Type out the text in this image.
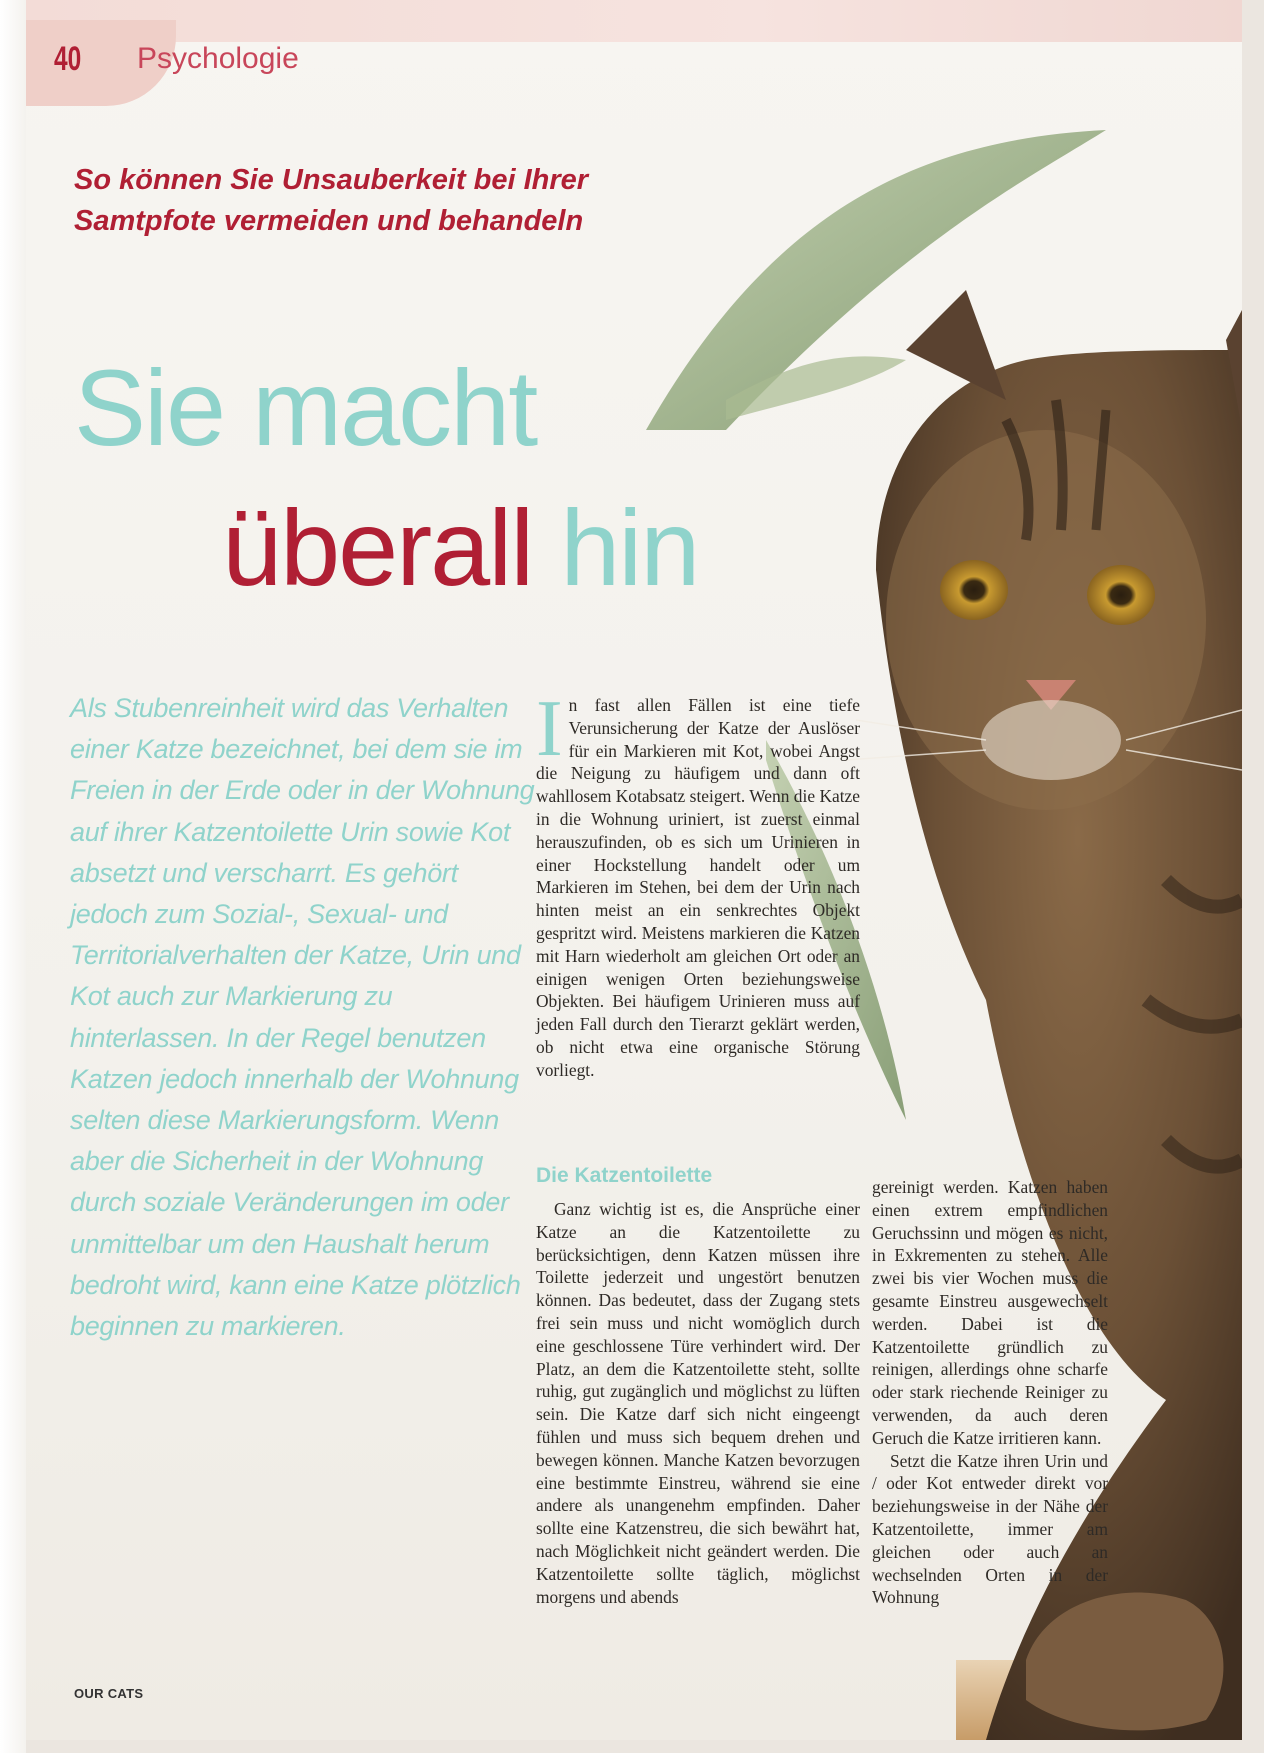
40 Psychologie
So können Sie Unsauberkeit bei Ihrer Samtpfote vermeiden und behandeln
Sie macht
überall hin
Als Stubenreinheit wird das Verhalten einer Katze bezeichnet, bei dem sie im Freien in der Erde oder in der Wohnung auf ihrer Katzentoilette Urin sowie Kot absetzt und verscharrt. Es gehört jedoch zum Sozial-, Sexual- und Territorialverhalten der Katze, Urin und Kot auch zur Markierung zu hinterlassen. In der Regel benutzen Katzen jedoch innerhalb der Wohnung selten diese Markierungsform. Wenn aber die Sicherheit in der Wohnung durch soziale Veränderungen im oder unmittelbar um den Haushalt herum bedroht wird, kann eine Katze plötzlich beginnen zu markieren.
I n fast allen Fällen ist eine tiefe Verunsicherung der Katze der Auslöser für ein Markieren mit Kot, wobei Angst die Neigung zu häufigem und dann oft wahllosem Kotabsatz steigert. Wenn die Katze in die Wohnung uriniert, ist zuerst einmal herauszufinden, ob es sich um Urinieren in einer Hockstellung handelt oder um Markieren im Stehen, bei dem der Urin nach hinten meist an ein senkrechtes Objekt gespritzt wird. Meistens markieren die Katzen mit Harn wiederholt am gleichen Ort oder an einigen wenigen Orten beziehungsweise Objekten. Bei häufigem Urinieren muss auf jeden Fall durch den Tierarzt geklärt werden, ob nicht etwa eine organische Störung vorliegt.
Die Katzentoilette
Ganz wichtig ist es, die Ansprüche einer Katze an die Katzentoilette zu berücksichtigen, denn Katzen müssen ihre Toilette jederzeit und ungestört benutzen können. Das bedeutet, dass der Zugang stets frei sein muss und nicht womöglich durch eine geschlossene Türe verhindert wird. Der Platz, an dem die Katzentoilette steht, sollte ruhig, gut zugänglich und möglichst zu lüften sein. Die Katze darf sich nicht eingeengt fühlen und muss sich bequem drehen und bewegen können. Manche Katzen bevorzugen eine bestimmte Einstreu, während sie eine andere als unangenehm empfinden. Daher sollte eine Katzenstreu, die sich bewährt hat, nach Möglichkeit nicht geändert werden. Die Katzentoilette sollte täglich, möglichst morgens und abends

gereinigt werden. Katzen haben einen extrem empfindlichen Geruchssinn und mögen es nicht, in Exkrementen zu stehen. Alle zwei bis vier Wochen muss die gesamte Einstreu ausgewechselt werden. Dabei ist die Katzentoilette gründlich zu reinigen, allerdings ohne scharfe oder stark riechende Reiniger zu verwenden, da auch deren Geruch die Katze irritieren kann.

Setzt die Katze ihren Urin und / oder Kot entweder direkt vor beziehungsweise in der Nähe der Katzentoilette, immer am gleichen oder auch an wechselnden Orten in der Wohnung

OUR CATS
